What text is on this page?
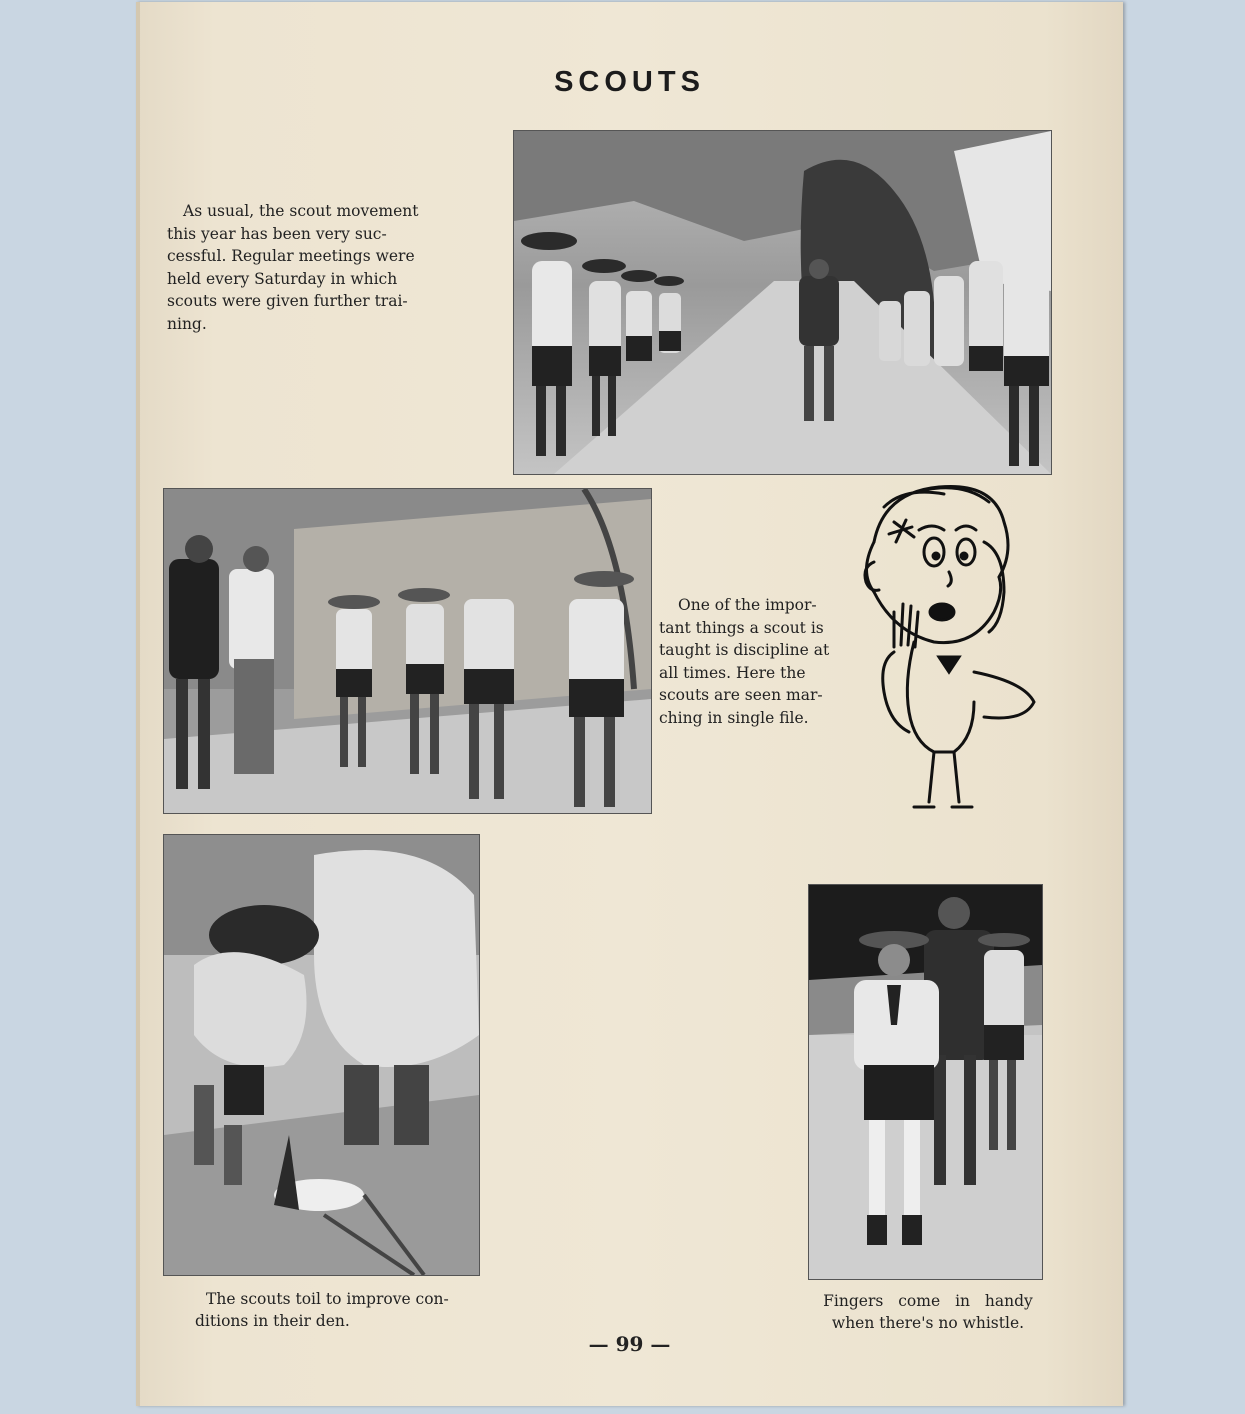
SCOUTS
As usual, the scout movement
this year has been very suc-
cessful. Regular meetings were
held every Saturday in which
scouts were given further trai-
ning.
One of the impor-
tant things a scout is
taught is discipline at
all times. Here the
scouts are seen mar-
ching in single file.
The scouts toil to improve con-
ditions in their den.
Fingers come in handy
when there's no whistle.
— 99 —
